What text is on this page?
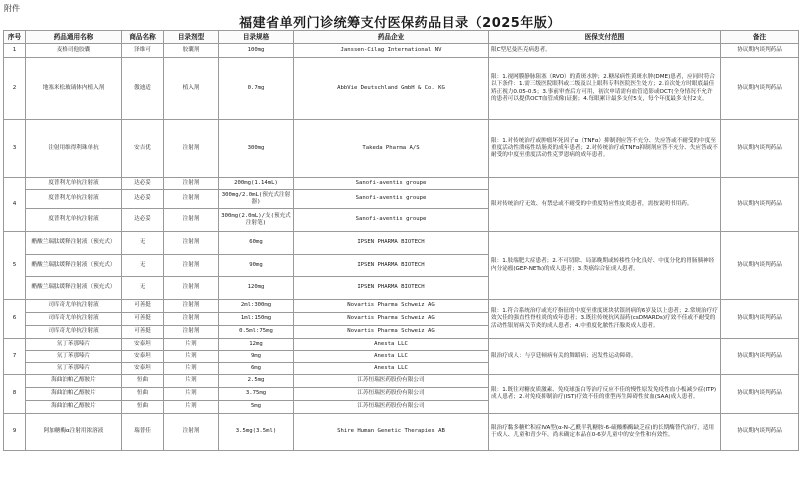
附件
福建省单列门诊统筹支付医保药品目录（2025年版）
序号	药品通用名称	商品名称	目录剂型	目录规格	药品企业	医保支付范围	备注
1	麦格司他胶囊	泽维可	胶囊剂	100mg	Janssen-Cilag International NV	限C型尼曼匹克病患者。	协议期内谈判药品
2	地塞米松玻璃体内植入剂	傲迪适	植入剂	0.7mg	AbbVie Deutschland GmbH & Co. KG	限：1.视网膜静脉阻塞（RVO）的黄斑水肿；2.糖尿病性黄斑水肿(DME)患者，应同时符合以下条件：1.需三级医院眼科或二级及以上眼科专科医院医生处方；2.首次处方时眼底最佳矫正视力0.05-0.5；3.事前审查后方可用，初次申请需有血管造影或OCT(全身情况不允许的患者可以提供OCT血管成像)证据；4.每眼累计最多支付5支，每个年度最多支付2支。	协议期内谈判药品
3	注射用维得利珠单抗	安吉优	注射剂	300mg	Takeda Pharma A/S	限：1.对传统治疗或肿瘤坏死因子α（TNFα）抑制剂应答不充分、失应答或不耐受的中度至重度活动性溃疡性结肠炎的成年患者；2.对传统治疗或TNFα抑制剂应答不充分、失应答或不耐受的中度至重度活动性克罗恩病的成年患者。	协议期内谈判药品
4	度普利尤单抗注射液	达必妥	注射剂	200mg(1.14mL)	Sanofi-aventis groupe	限对传统治疗无效、有禁忌或不耐受的中重度特应性皮炎患者，需按说明书用药。	协议期内谈判药品
	度普利尤单抗注射液	达必妥	注射剂	300mg/2.0mL(预充式注射器)	Sanofi-aventis groupe		
	度普利尤单抗注射液	达必妥	注射剂	300mg(2.0mL)/支(预充式注射笔)	Sanofi-aventis groupe		
5	醋酸兰瑞肽缓释注射液（预充式）	无	注射剂	60mg	IPSEN PHARMA BIOTECH	限：1.肢端肥大症患者；2.不可切除、局部晚期或转移性分化良好、中度分化的胃肠胰神经内分泌瘤(GEP-NETs)的成人患者；3.类癌综合征成人患者。	协议期内谈判药品
	醋酸兰瑞肽缓释注射液（预充式）	无	注射剂	90mg	IPSEN PHARMA BIOTECH		
	醋酸兰瑞肽缓释注射液（预充式）	无	注射剂	120mg	IPSEN PHARMA BIOTECH		
6	司库奇尤单抗注射液	可善挺	注射剂	2ml:300mg	Novartis Pharma Schweiz AG	限：1.符合系统治疗或光疗指征的中度至重度斑块状银屑病的6岁及以上患者；2.常规治疗疗效欠佳的强直性脊柱炎的成年患者；3.既往传统抗风湿药(csDMARDs)疗效不佳或不耐受的活动性银屑病关节炎的成人患者；4.中重度化脓性汗腺炎成人患者。	协议期内谈判药品
	司库奇尤单抗注射液	可善挺	注射剂	1ml:150mg	Novartis Pharma Schweiz AG		
	司库奇尤单抗注射液	可善挺	注射剂	0.5ml:75mg	Novartis Pharma Schweiz AG		
7	氘丁苯那嗪片	安泰坦	片剂	12mg	Anesta LLC	限治疗成人：与亨廷顿病有关的舞蹈病；迟发性运动障碍。	协议期内谈判药品
	氘丁苯那嗪片	安泰坦	片剂	9mg	Anesta LLC		
	氘丁苯那嗪片	安泰坦	片剂	6mg	Anesta LLC		
8	海曲泊帕乙醇胺片	恒曲	片剂	2.5mg	江苏恒瑞医药股份有限公司	限：1.既往对糖皮质激素、免疫球蛋白等治疗反应不佳的慢性原发免疫性血小板减少症(ITP)成人患者；2.对免疫抑制治疗(IST)疗效不佳的重型再生障碍性贫血(SAA)成人患者。	协议期内谈判药品
	海曲泊帕乙醇胺片	恒曲	片剂	3.75mg	江苏恒瑞医药股份有限公司		
	海曲泊帕乙醇胺片	恒曲	片剂	5mg	江苏恒瑞医药股份有限公司		
9	阿加糖酶α注射用浓溶液	瑞普佳	注射剂	3.5mg(3.5ml)	Shire Human Genetic Therapies AB	限治疗黏多糖贮积症IVA型(α-N-乙酰半乳糖胺-6-硫酸酯酶缺乏症)的长期酶替代治疗，适用于成人、儿童和青少年，尚未确定本品在0-6岁儿童中的安全性和有效性。	协议期内谈判药品
